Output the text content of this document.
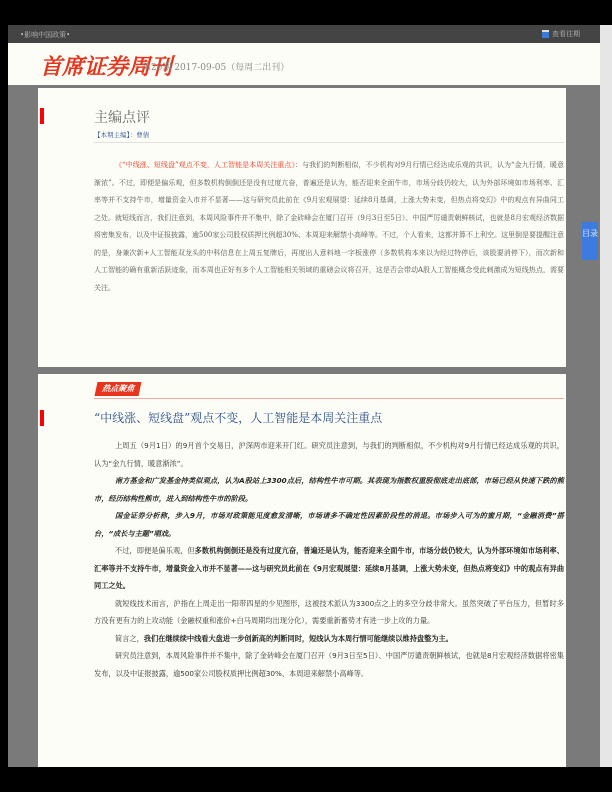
•影响中国政策•	查看往期
首席证券周刊
第29期 2017-09-05（每周二出刊）
主编点评
【本期主编】：曹倩
《“中线涨、短线盘”观点不变，人工智能是本周关注重点》：与我们的判断相似，不少机构对9月行情已经达成乐观的共识，认为“金九行情，暖意渐浓”。不过，即便是偏乐观，但多数机构倒倒还是没有过度亢奋，普遍还是认为，能否迎来全面牛市，市场分歧仍较大，认为外部环境如市场利率、汇率等并不支持牛市，增量资金入市并不显著——这与研究员此前在《9月宏观展望：延续8月基调，上涨大势未变，但热点将变幻》中的观点有异曲同工之处。就短线而言，我们注意到，本周风险事件并不集中，除了金砖峰会在厦门召开（9月3日至5日）、中国严厉谴责朝鲜核试，也就是8月宏观经济数据将密集发布，以及中证报披露，逾500家公司股权质押比例超30%、本周迎来解禁小高峰等。不过，个人看来，这都并算不上利空。这里倒是要提醒注意的是，身兼次新+人工智能双龙头的中科信息在上周五复牌后，再度出人意料地一字板涨停（多数机构本来以为经过特停后，该股要消停下），而次新和人工智能的确有重新活跃迹象，而本周也正好有多个人工智能相关领域的重磅会议将召开，这是否会带动A股人工智能概念受此刺激成为短线热点，需要关注。
热点聚焦
“中线涨、短线盘”观点不变，人工智能是本周关注重点

上周五（9月1日）的9月首个交易日，沪深两市迎来开门红。研究员注意到，与我们的判断相似，不少机构对9月行情已经达成乐观的共识，认为“金九行情，暖意渐浓”。

南方基金和广发基金持类似观点，认为A股站上3300点后，结构性牛市可期。其表现为指数权重股彻底走出底部，市场已经从快速下跌的熊市，经历结构性熊市，进入到结构性牛市的阶段。

国金证券分析称，步入9月，市场对政策能见度愈发清晰，市场诸多不确定性因素阶段性的消退。市场步入可为的蜜月期，“金融消费”搭台，“成长与主题”唱戏。

不过，即便是偏乐观，但多数机构倒倒还是没有过度亢奋，普遍还是认为，能否迎来全面牛市，市场分歧仍较大，认为外部环境如市场利率、汇率等并不支持牛市，增量资金入市并不显著——这与研究员此前在《9月宏观展望：延续8月基调，上涨大势未变，但热点将变幻》中的观点有异曲同工之处。

就短线技术而言，沪指在上周走出一阳带四星的少见图形，这被技术派认为3300点之上的多空分歧非常大。虽然突破了平台压力，但暂时多方没有更有力的上攻动能（金融权重和涨价+白马周期均出现分化），需要重新蓄势才有进一步上攻的力量。

简言之，我们在继续续中线看大盘进一步创新高的判断同时，短线认为本周行情可能继续以维持盘整为主。

研究员注意到，本周风险事件并不集中，除了金砖峰会在厦门召开（9月3日至5日）、中国严厉谴责朝鲜核试，也就是8月宏观经济数据将密集发布，以及中证报披露，逾500家公司股权质押比例超30%、本周迎来解禁小高峰等。

目录
